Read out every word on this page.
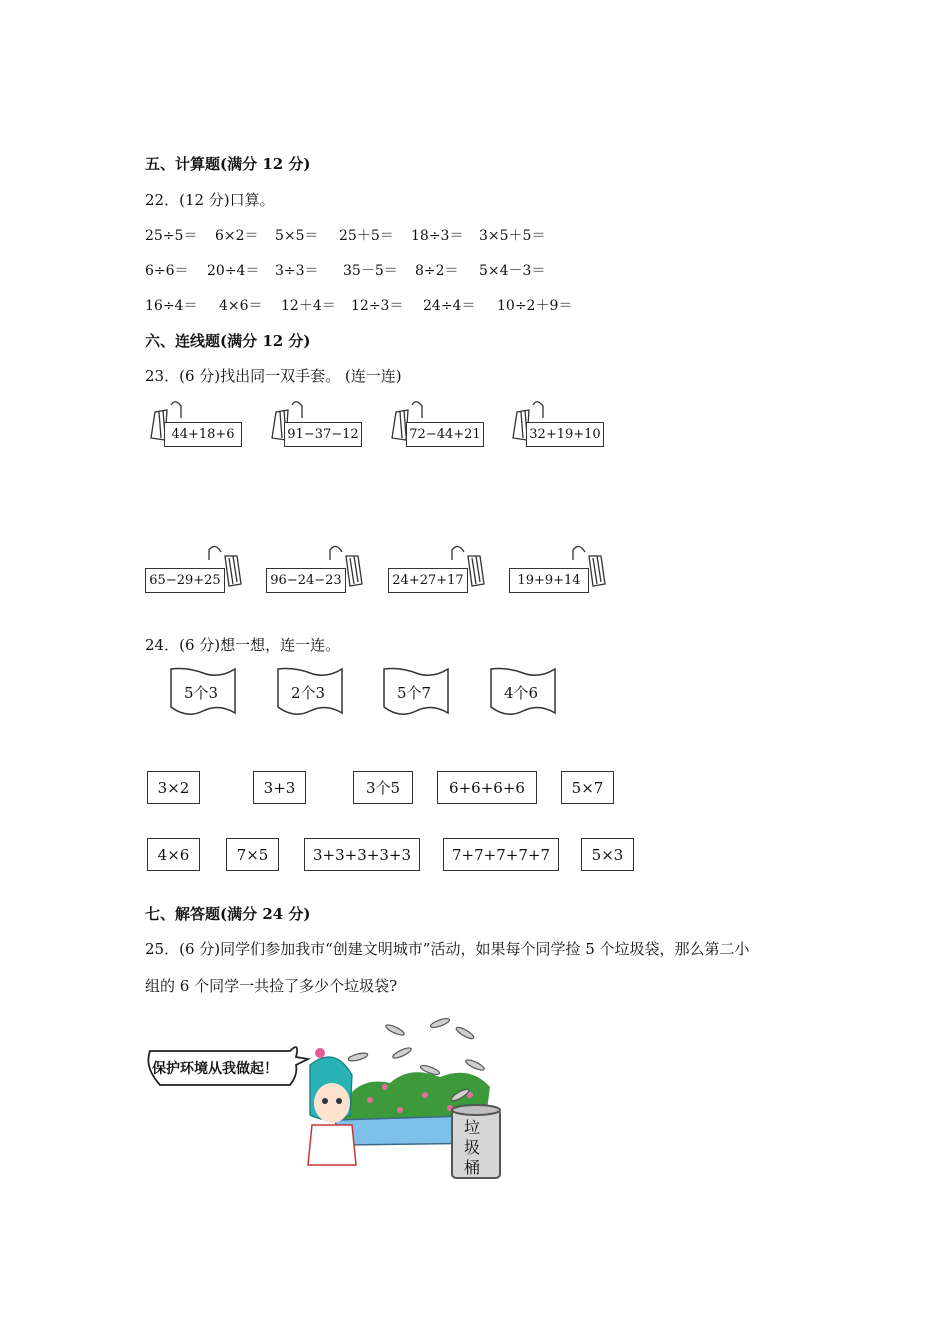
五、计算题(满分 12 分)
22．(12 分)口算。
25÷5＝ 6×2＝ 5×5＝ 25＋5＝ 18÷3＝ 3×5＋5＝
6÷6＝ 20÷4＝ 3÷3＝ 35－5＝ 8÷2＝ 5×4－3＝
16÷4＝ 4×6＝ 12＋4＝ 12÷3＝ 24÷4＝ 10÷2＋9＝
六、连线题(满分 12 分)
23．(6 分)找出同一双手套。 (连一连)
44+18+6	91−37−12	72−44+21	32+19+10
65−29+25	96−24−23	24+27+17	19+9+14
24．(6 分)想一想，连一连。
5个3	2个3	5个7	4个6
3×2	3+3	3个5	6+6+6+6	5×7
4×6	7×5	3+3+3+3+3	7+7+7+7+7	5×3
七、解答题(满分 24 分)
25．(6 分)同学们参加我市“创建文明城市”活动，如果每个同学捡 5 个垃圾袋，那么第二小
组的 6 个同学一共捡了多少个垃圾袋?
保护环境从我做起！
垃
圾
桶
